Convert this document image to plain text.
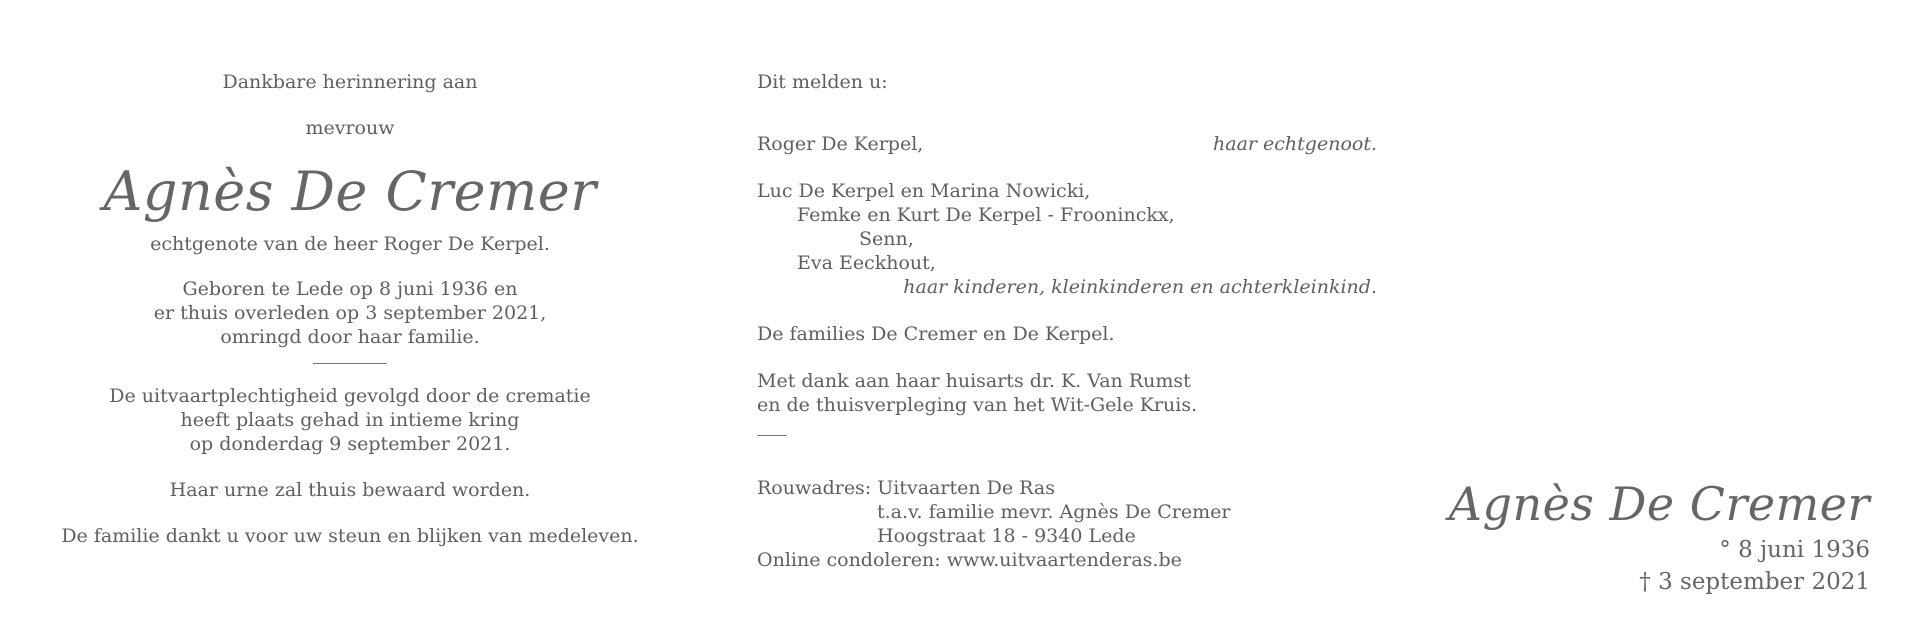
Dankbare herinnering aan
mevrouw
Agnès De Cremer
echtgenote van de heer Roger De Kerpel.
Geboren te Lede op 8 juni 1936 en
er thuis overleden op 3 september 2021,
omringd door haar familie.
De uitvaartplechtigheid gevolgd door de crematie
heeft plaats gehad in intieme kring
op donderdag 9 september 2021.
Haar urne zal thuis bewaard worden.
De familie dankt u voor uw steun en blijken van medeleven.
Dit melden u:
Roger De Kerpel,	haar echtgenoot.
Luc De Kerpel en Marina Nowicki,
Femke en Kurt De Kerpel - Frooninckx,
Senn,
Eva Eeckhout,
haar kinderen, kleinkinderen en achterkleinkind.
De families De Cremer en De Kerpel.
Met dank aan haar huisarts dr. K. Van Rumst
en de thuisverpleging van het Wit-Gele Kruis.
Rouwadres: Uitvaarten De Ras
t.a.v. familie mevr. Agnès De Cremer
Hoogstraat 18 - 9340 Lede
Online condoleren: www.uitvaartenderas.be
Agnès De Cremer
° 8 juni 1936
† 3 september 2021
